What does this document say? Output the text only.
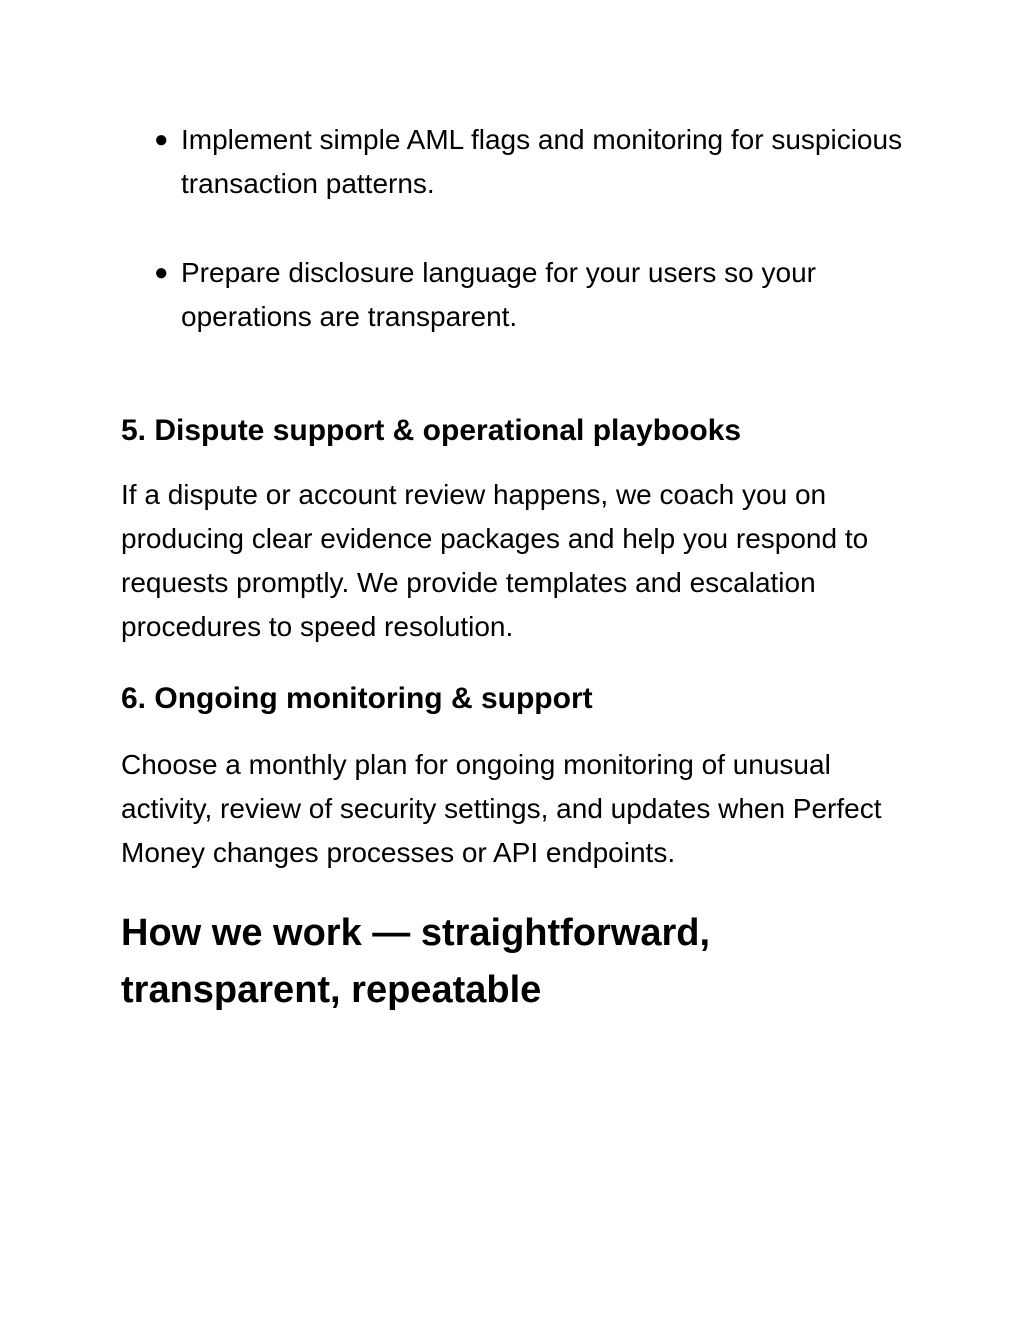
● Implement simple AML flags and monitoring for suspicious transaction patterns.
● Prepare disclosure language for your users so your operations are transparent.
5. Dispute support & operational playbooks

If a dispute or account review happens, we coach you on producing clear evidence packages and help you respond to requests promptly. We provide templates and escalation procedures to speed resolution.

6. Ongoing monitoring & support

Choose a monthly plan for ongoing monitoring of unusual activity, review of security settings, and updates when Perfect Money changes processes or API endpoints.

How we work — straightforward, transparent, repeatable
